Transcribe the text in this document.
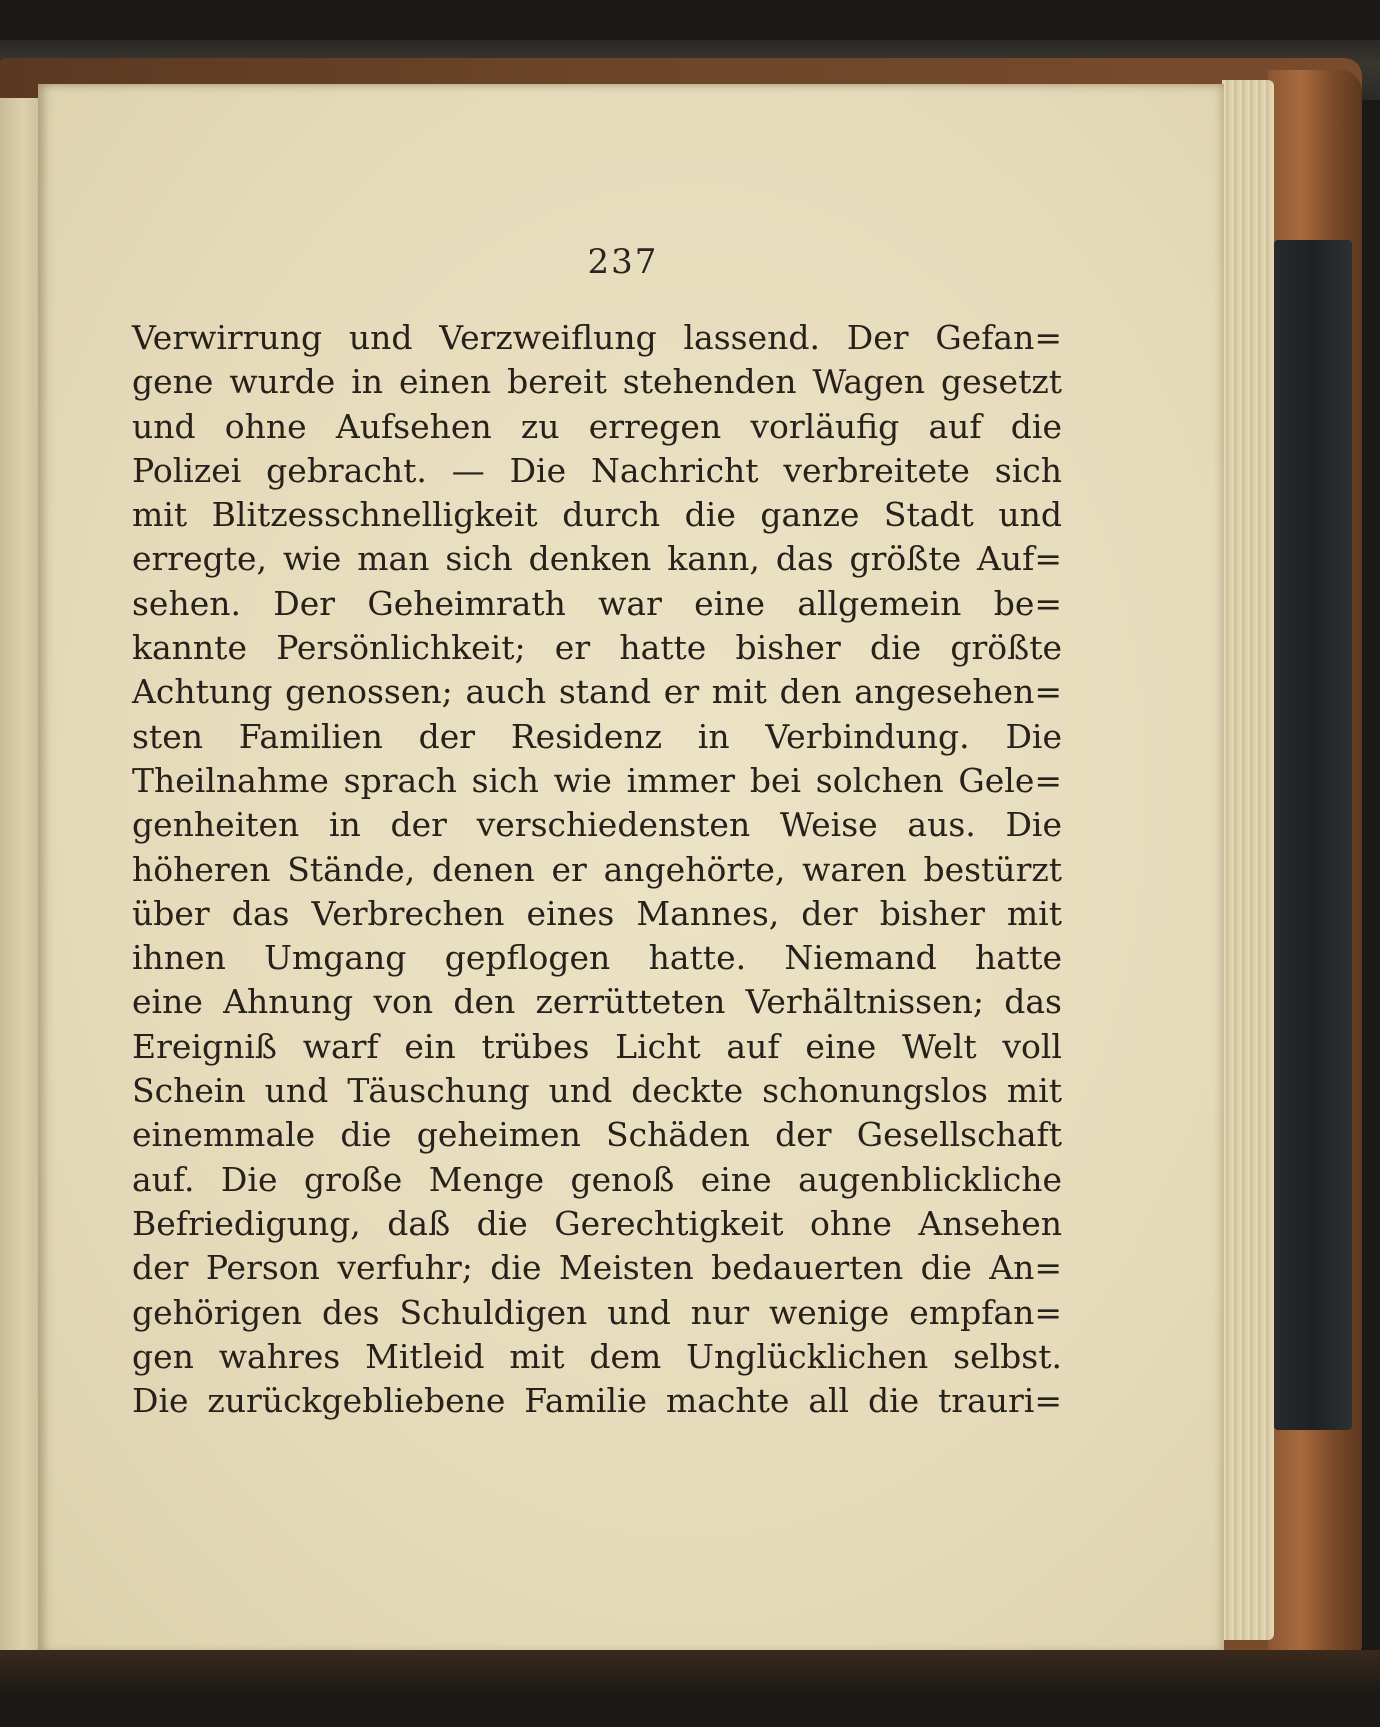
237
Verwirrung und Verzweiflung lassend. Der Gefan=
gene wurde in einen bereit stehenden Wagen gesetzt
und ohne Aufsehen zu erregen vorläufig auf die
Polizei gebracht. — Die Nachricht verbreitete sich
mit Blitzesschnelligkeit durch die ganze Stadt und
erregte, wie man sich denken kann, das größte Auf=
sehen. Der Geheimrath war eine allgemein be=
kannte Persönlichkeit; er hatte bisher die größte
Achtung genossen; auch stand er mit den angesehen=
sten Familien der Residenz in Verbindung. Die
Theilnahme sprach sich wie immer bei solchen Gele=
genheiten in der verschiedensten Weise aus. Die
höheren Stände, denen er angehörte, waren bestürzt
über das Verbrechen eines Mannes, der bisher mit
ihnen Umgang gepflogen hatte. Niemand hatte
eine Ahnung von den zerrütteten Verhältnissen; das
Ereigniß warf ein trübes Licht auf eine Welt voll
Schein und Täuschung und deckte schonungslos mit
einemmale die geheimen Schäden der Gesellschaft
auf. Die große Menge genoß eine augenblickliche
Befriedigung, daß die Gerechtigkeit ohne Ansehen
der Person verfuhr; die Meisten bedauerten die An=
gehörigen des Schuldigen und nur wenige empfan=
gen wahres Mitleid mit dem Unglücklichen selbst.
Die zurückgebliebene Familie machte all die trauri=
